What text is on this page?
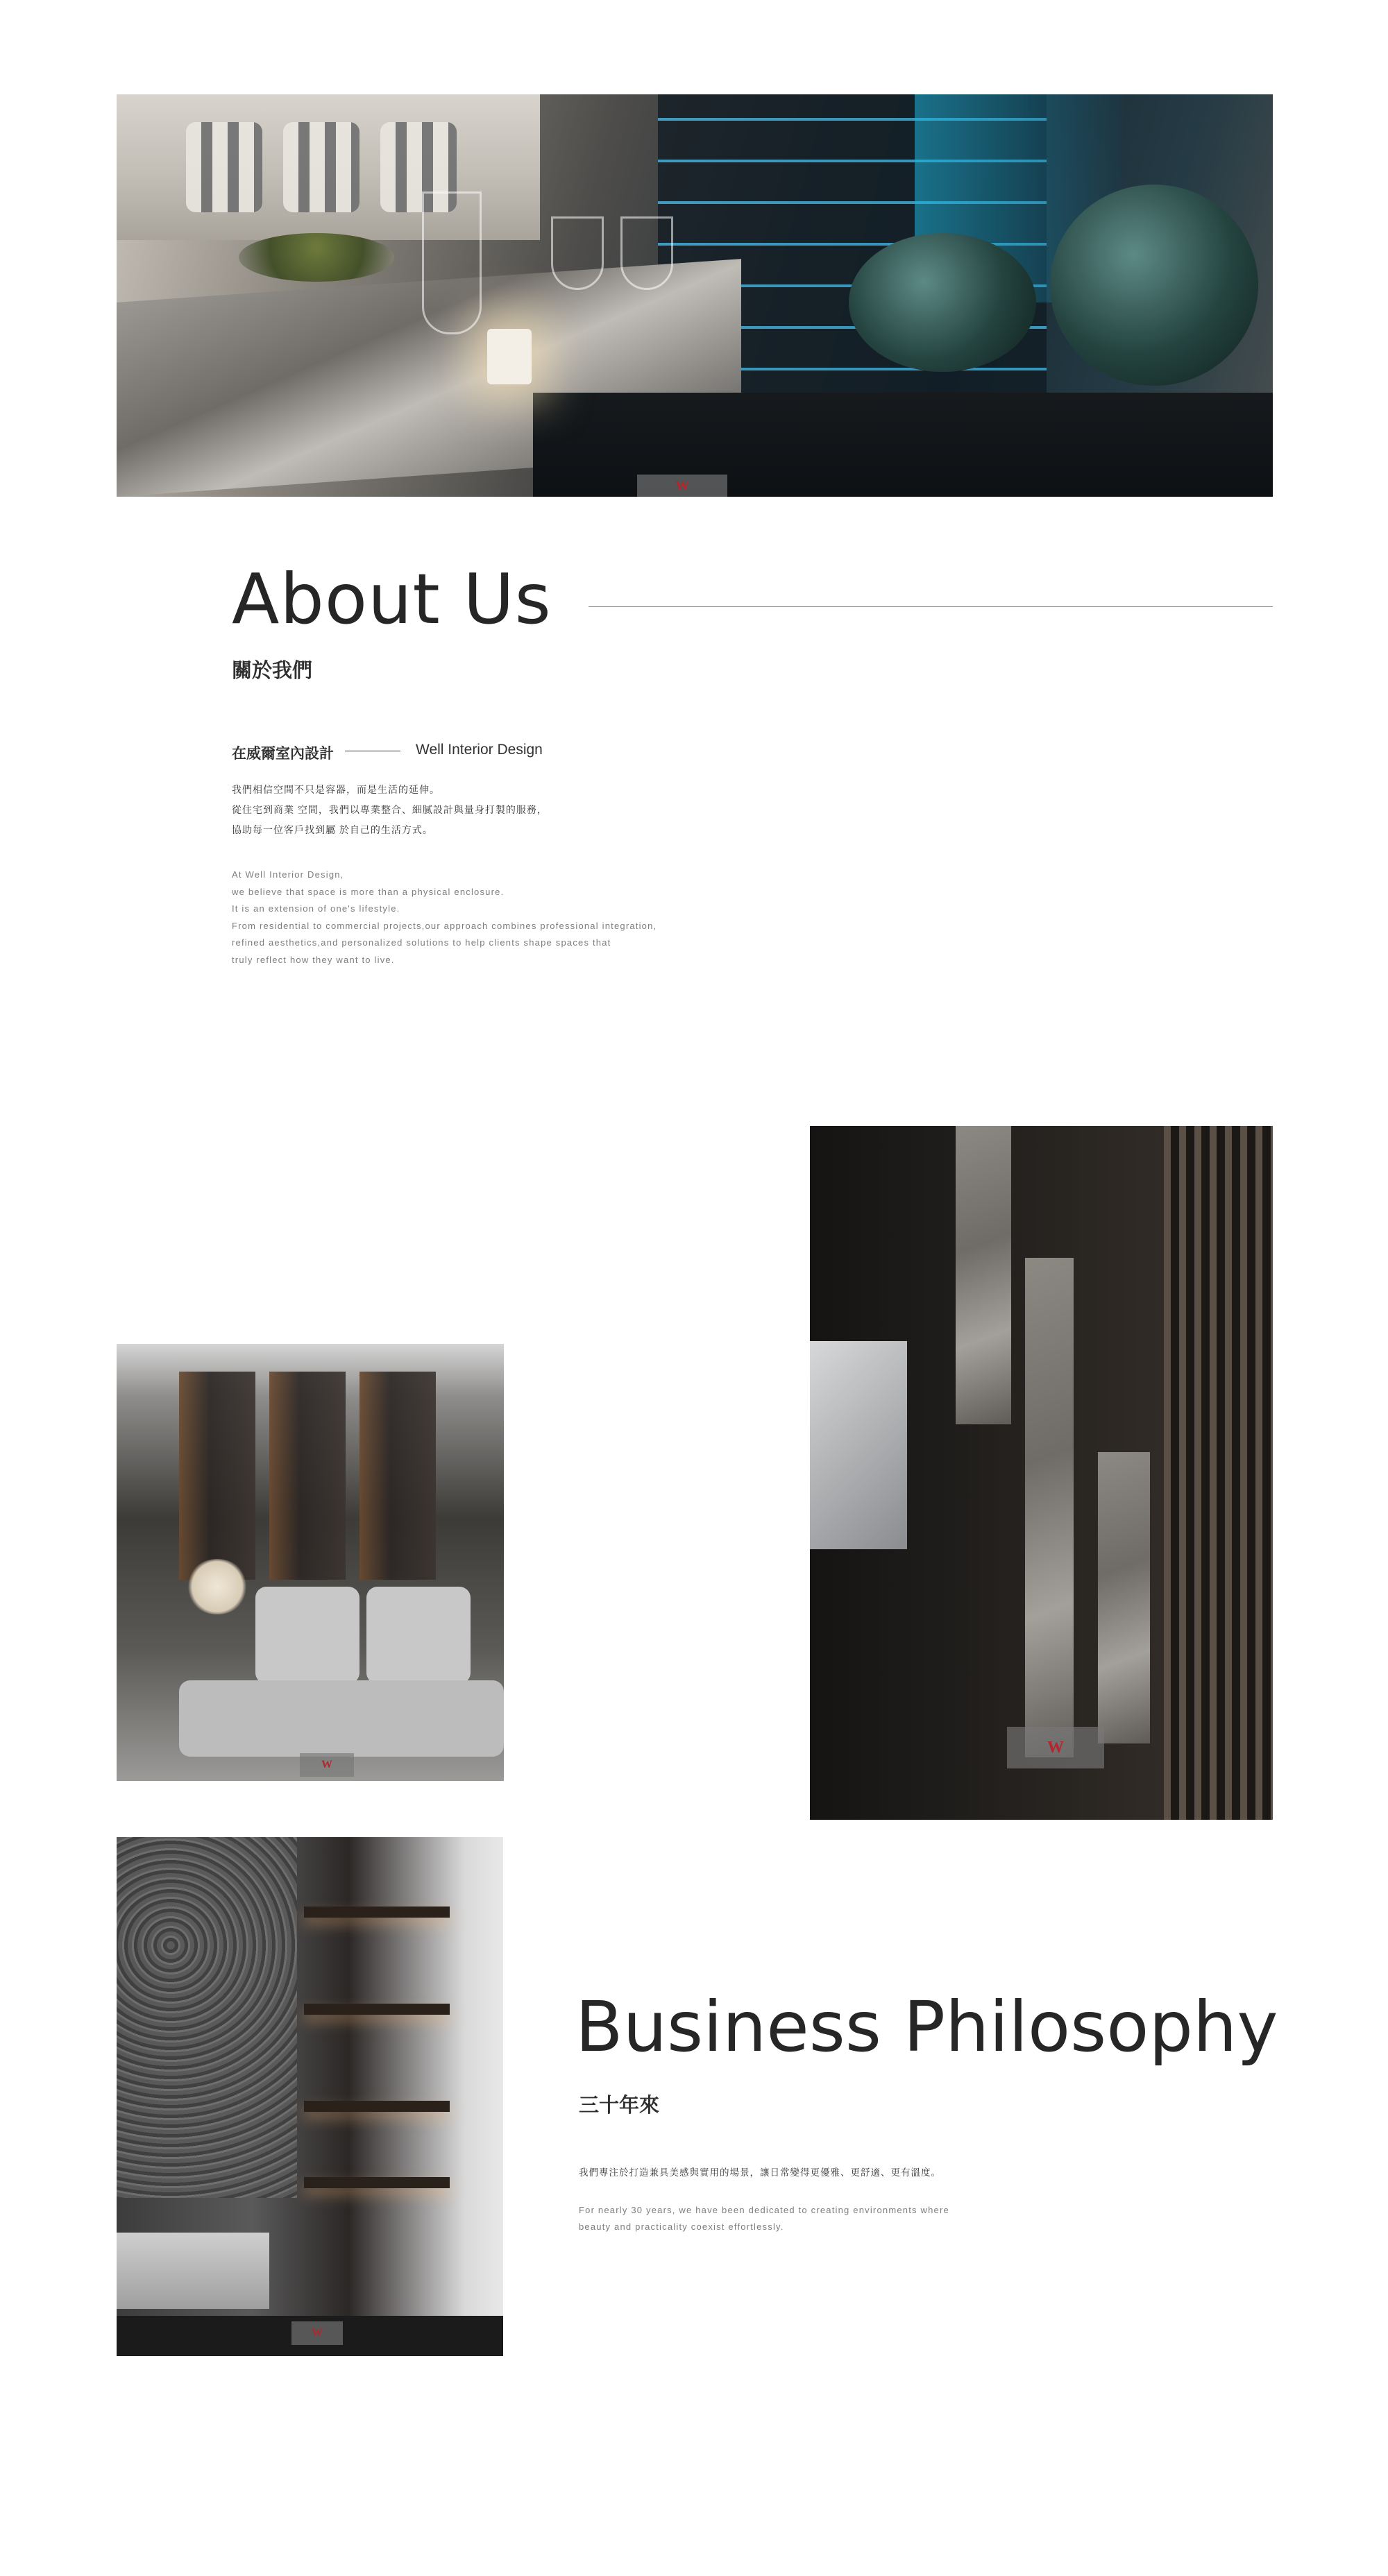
W
About Us
關於我們
在威爾室內設計	Well Interior Design
我們相信空間不只是容器，而是生活的延伸。
從住宅到商業 空間，我們以專業整合、細膩設計與量身打製的服務，
協助每一位客戶找到屬 於自己的生活方式。
At Well Interior Design,
we believe that space is more than a physical enclosure.
It is an extension of one's lifestyle.
From residential to commercial projects,our approach combines professional integration,
refined aesthetics,and personalized solutions to help clients shape spaces that
truly reflect how they want to live.
W
W
W
Business Philosophy
三十年來
我們專注於打造兼具美感與實用的場景，讓日常變得更優雅、更舒適、更有溫度。
For nearly 30 years, we have been dedicated to creating environments where
beauty and practicality coexist effortlessly.
